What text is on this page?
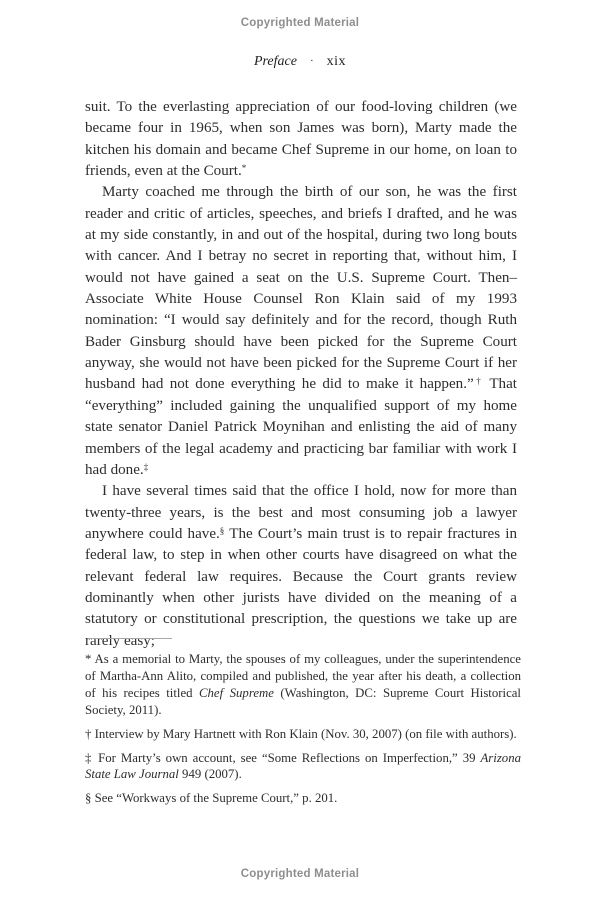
Copyrighted Material
Preface · xix

suit. To the everlasting appreciation of our food-loving children (we became four in 1965, when son James was born), Marty made the kitchen his domain and became Chef Supreme in our home, on loan to friends, even at the Court.*

Marty coached me through the birth of our son, he was the first reader and critic of articles, speeches, and briefs I drafted, and he was at my side constantly, in and out of the hospital, during two long bouts with cancer. And I betray no secret in reporting that, without him, I would not have gained a seat on the U.S. Supreme Court. Then–Associate White House Counsel Ron Klain said of my 1993 nomination: “I would say definitely and for the record, though Ruth Bader Ginsburg should have been picked for the Supreme Court anyway, she would not have been picked for the Supreme Court if her husband had not done everything he did to make it happen.”† That “everything” included gaining the unqualified support of my home state senator Daniel Patrick Moynihan and enlisting the aid of many members of the legal academy and practicing bar familiar with work I had done.‡

I have several times said that the office I hold, now for more than twenty-three years, is the best and most consuming job a lawyer anywhere could have.§ The Court’s main trust is to repair fractures in federal law, to step in when other courts have disagreed on what the relevant federal law requires. Because the Court grants review dominantly when other jurists have divided on the meaning of a statutory or constitutional prescription, the questions we take up are rarely easy;

* As a memorial to Marty, the spouses of my colleagues, under the superintendence of Martha-Ann Alito, compiled and published, the year after his death, a collection of his recipes titled Chef Supreme (Washington, DC: Supreme Court Historical Society, 2011).

† Interview by Mary Hartnett with Ron Klain (Nov. 30, 2007) (on file with authors).

‡ For Marty’s own account, see “Some Reflections on Imperfection,” 39 Arizona State Law Journal 949 (2007).

§ See “Workways of the Supreme Court,” p. 201.

Copyrighted Material
